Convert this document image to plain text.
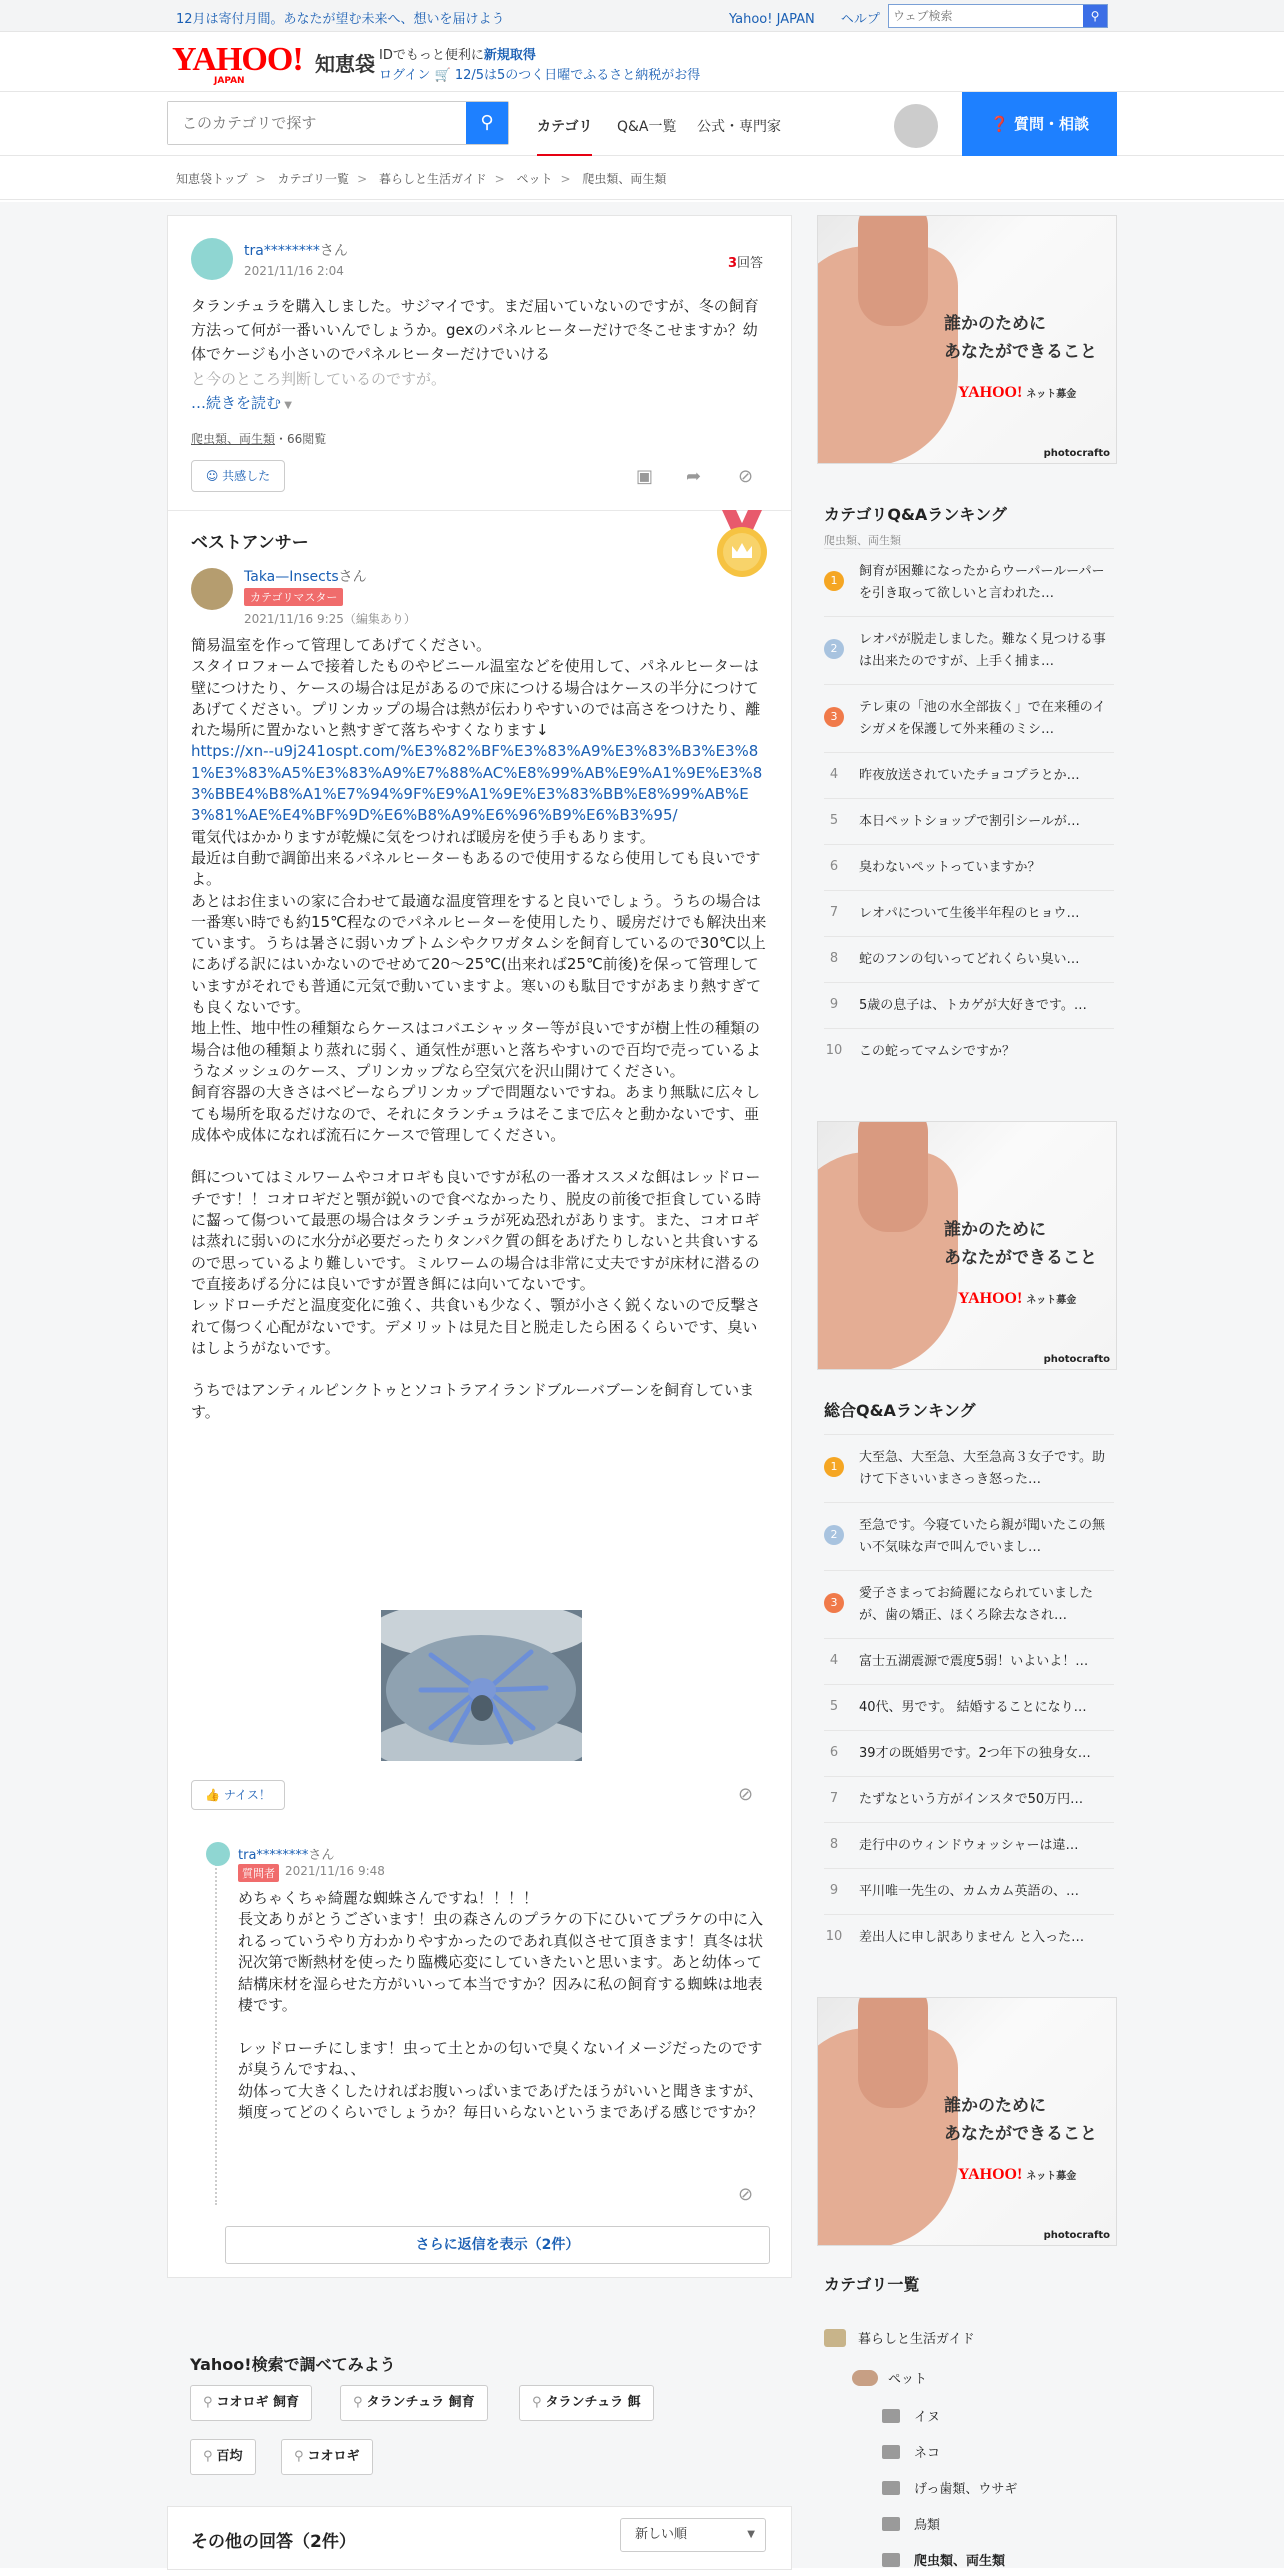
12月は寄付月間。あなたが望む未来へ、想いを届けよう	Yahoo! JAPAN ヘルプ
ウェブ検索	⚲
YAHOO!
JAPAN
知恵袋 IDでもっと便利に新規取得
ログイン 🛒 12/5は5のつく日曜でふるさと納税がお得
このカテゴリで探す
⚲	カテゴリ Q&A一覧 公式・専門家	❓ 質問・相談
知恵袋トップ > カテゴリ一覧 > 暮らしと生活ガイド > ペット > 爬虫類、両生類
tra********さん
2021/11/16 2:04	3回答
タランチュラを購入しました。サジマイです。まだ届いていないのですが、冬の飼育方法って何が一番いいんでしょうか。gexのパネルヒーターだけで冬こせますか？幼体でケージも小さいのでパネルヒーターだけでいける
と今のところ判断しているのですが。
…続きを読む ▼
爬虫類、両生類・66閲覧
☺ 共感した	▣ ➦ ⊘
ベストアンサー
Taka—Insectsさん
カテゴリマスター
2021/11/16 9:25（編集あり）
簡易温室を作って管理してあげてください。
スタイロフォームで接着したものやビニール温室などを使用して、パネルヒーターは壁につけたり、ケースの場合は足があるので床につける場合はケースの半分につけてあげてください。プリンカップの場合は熱が伝わりやすいのでは高さをつけたり、離れた場所に置かないと熱すぎて落ちやすくなります↓
https://xn--u9j241ospt.com/%E3%82%BF%E3%83%A9%E3%83%B3%E3%81%E3%83%A5%E3%83%A9%E7%88%AC%E8%99%AB%E9%A1%9E%E3%83%BBE4%B8%A1%E7%94%9F%E9%A1%9E%E3%83%BB%E8%99%AB%E3%81%AE%E4%BF%9D%E6%B8%A9%E6%96%B9%E6%B3%95/
電気代はかかりますが乾燥に気をつければ暖房を使う手もあります。
最近は自動で調節出来るパネルヒーターもあるので使用するなら使用しても良いですよ。
あとはお住まいの家に合わせて最適な温度管理をすると良いでしょう。うちの場合は一番寒い時でも約15℃程なのでパネルヒーターを使用したり、暖房だけでも解決出来ています。うちは暑さに弱いカブトムシやクワガタムシを飼育しているので30℃以上にあげる訳にはいかないのでせめて20〜25℃(出来れば25℃前後)を保って管理していますがそれでも普通に元気で動いていますよ。寒いのも駄目ですがあまり熱すぎても良くないです。
地上性、地中性の種類ならケースはコバエシャッター等が良いですが樹上性の種類の場合は他の種類より蒸れに弱く、通気性が悪いと落ちやすいので百均で売っているようなメッシュのケース、プリンカップなら空気穴を沢山開けてください。
飼育容器の大きさはベビーならプリンカップで問題ないですね。あまり無駄に広々しても場所を取るだけなので、それにタランチュラはそこまで広々と動かないです、亜成体や成体になれば流石にケースで管理してください。

餌についてはミルワームやコオロギも良いですが私の一番オススメな餌はレッドローチです！！コオロギだと顎が鋭いので食べなかったり、脱皮の前後で拒食している時に齧って傷ついて最悪の場合はタランチュラが死ぬ恐れがあります。また、コオロギは蒸れに弱いのに水分が必要だったりタンパク質の餌をあげたりしないと共食いするので思っているより難しいです。ミルワームの場合は非常に丈夫ですが床材に潜るので直接あげる分には良いですが置き餌には向いてないです。
レッドローチだと温度変化に強く、共食いも少なく、顎が小さく鋭くないので反撃されて傷つく心配がないです。デメリットは見た目と脱走したら困るくらいです、臭いはしようがないです。

うちではアンティルピンクトゥとソコトラアイランドブルーバブーンを飼育しています。
👍 ナイス！	⊘
tra********さん
質問者 2021/11/16 9:48
めちゃくちゃ綺麗な蜘蛛さんですね！！！！
長文ありがとうございます！虫の森さんのプラケの下にひいてプラケの中に入れるっていうやり方わかりやすかったのであれ真似させて頂きます！真冬は状況次第で断熱材を使ったり臨機応変にしていきたいと思います。あと幼体って結構床材を湿らせた方がいいって本当ですか？因みに私の飼育する蜘蛛は地表棲です。

レッドローチにします！虫って土とかの匂いで臭くないイメージだったのですが臭うんですね、、
幼体って大きくしたければお腹いっぱいまであげたほうがいいと聞きますが、頻度ってどのくらいでしょうか？毎日いらないというまであげる感じですか？
⊘
さらに返信を表示（2件）
Yahoo!検索で調べてみよう
⚲ コオロギ 飼育	⚲ タランチュラ 飼育	⚲ タランチュラ 餌
⚲ 百均	⚲ コオロギ
その他の回答（2件）	新しい順	▼
誰かのために
あなたができること
YAHOO! ネット募金
photocrafto
カテゴリQ&Aランキング
爬虫類、両生類
1
飼育が困難になったからウーパールーパーを引き取って欲しいと言われた…
2
レオパが脱走しました。難なく見つける事は出来たのですが、上手く捕ま…
3
テレ東の「池の水全部抜く」で在来種のイシガメを保護して外来種のミシ…
4	昨夜放送されていたチョコプラとか…
5	本日ペットショップで割引シールが…
6	臭わないペットっていますか？
7	レオパについて生後半年程のヒョウ…
8	蛇のフンの匂いってどれくらい臭い…
9	5歳の息子は、トカゲが大好きです。…
10 この蛇ってマムシですか？
誰かのために
あなたができること
YAHOO! ネット募金
photocrafto
総合Q&Aランキング
1
大至急、大至急、大至急高３女子です。助けて下さいいまさっき怒った…
2
至急です。今寝ていたら親が聞いたこの無い不気味な声で叫んでいまし…
3
愛子さまってお綺麗になられていましたが、歯の矯正、ほくろ除去なされ…
4	富士五湖震源で震度5弱！いよいよ！…
5	40代、男です。 結婚することになり…
6	39才の既婚男です。2つ年下の独身女…
7	たずなという方がインスタで50万円…
8	走行中のウィンドウォッシャーは違…
9	平川唯一先生の、カムカム英語の、…
10 差出人に申し訳ありません と入った…
誰かのために
あなたができること
YAHOO! ネット募金
photocrafto
カテゴリ一覧
暮らしと生活ガイド
ペット
イヌ
ネコ
げっ歯類、ウサギ
鳥類
爬虫類、両生類
